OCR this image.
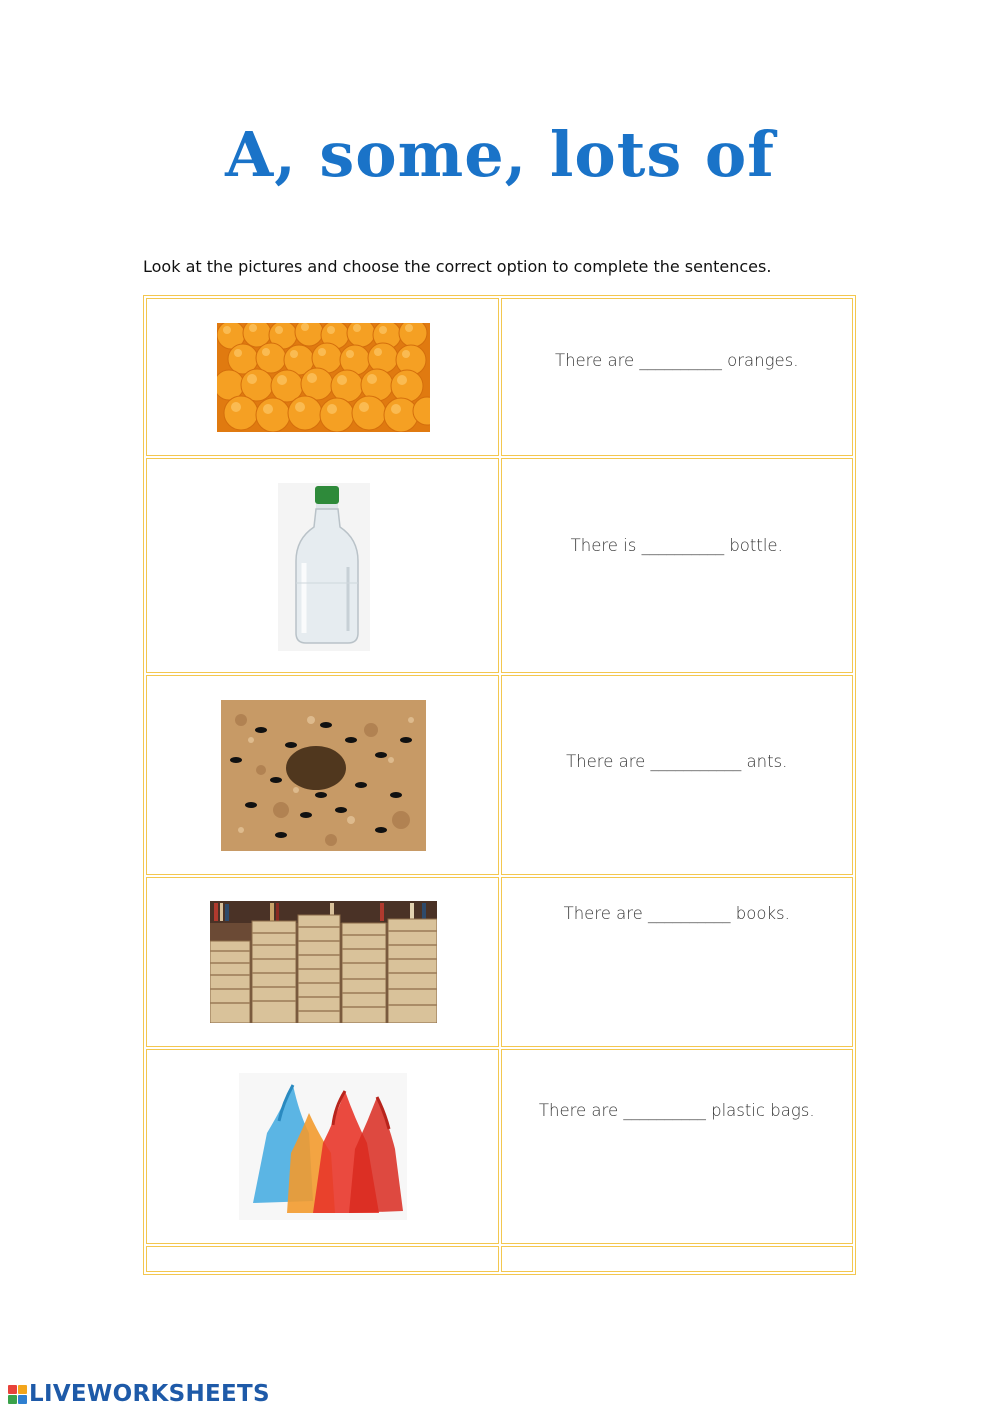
A, some, lots of
Look at the pictures and choose the correct option to complete the sentences.

There are __________ oranges.

There is __________ bottle.

There are ___________ ants.

There are __________ books.

There are __________ plastic bags.

LIVEWORKSHEETS
